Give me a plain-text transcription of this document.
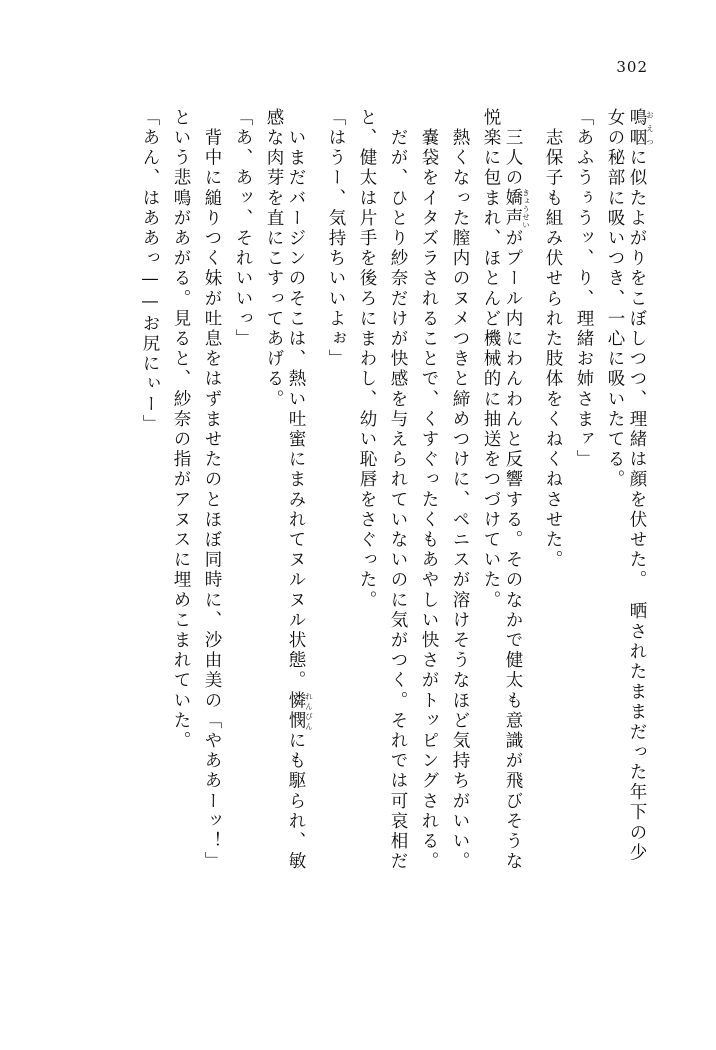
302
鳴咽おえつに似たよがりをこぼしつつ、理緒は顔を伏せた。　晒されたままだった年下の少
女の秘部に吸いつき、一心に吸いたてる。
「あふうぅうッ、り、理緒お姉さまァ」
　志保子も組み伏せられた肢体をくねくねさせた。
　三人の嬌声きょうせいがプール内にわんわんと反響する。そのなかで健太も意識が飛びそうな
悦楽に包まれ、ほとんど機械的に抽送をつづけていた。
　熱くなった膣内のヌメつきと締めつけに、ペニスが溶けそうなほど気持ちがいい。
　嚢袋をイタズラされることで、くすぐったくもあやしい快さがトッピングされる。
　だが、ひとり紗奈だけが快感を与えられていないのに気がつく。それでは可哀相だ
と、健太は片手を後ろにまわし、幼い恥唇をさぐった。
「はうー、気持ちいいよぉ」
　いまだバージンのそこは、熱い吐蜜にまみれてヌルヌル状態。憐憫れんびんにも駆られ、敏
感な肉芽を直にこすってあげる。
「あ、あッ、それいいっ」
　背中に縋りつく妹が吐息をはずませたのとほぼ同時に、沙由美の「やああーッ！」
という悲鳴があがる。見ると、紗奈の指がアヌスに埋めこまれていた。
「あん、はああっ——お尻にぃー」
